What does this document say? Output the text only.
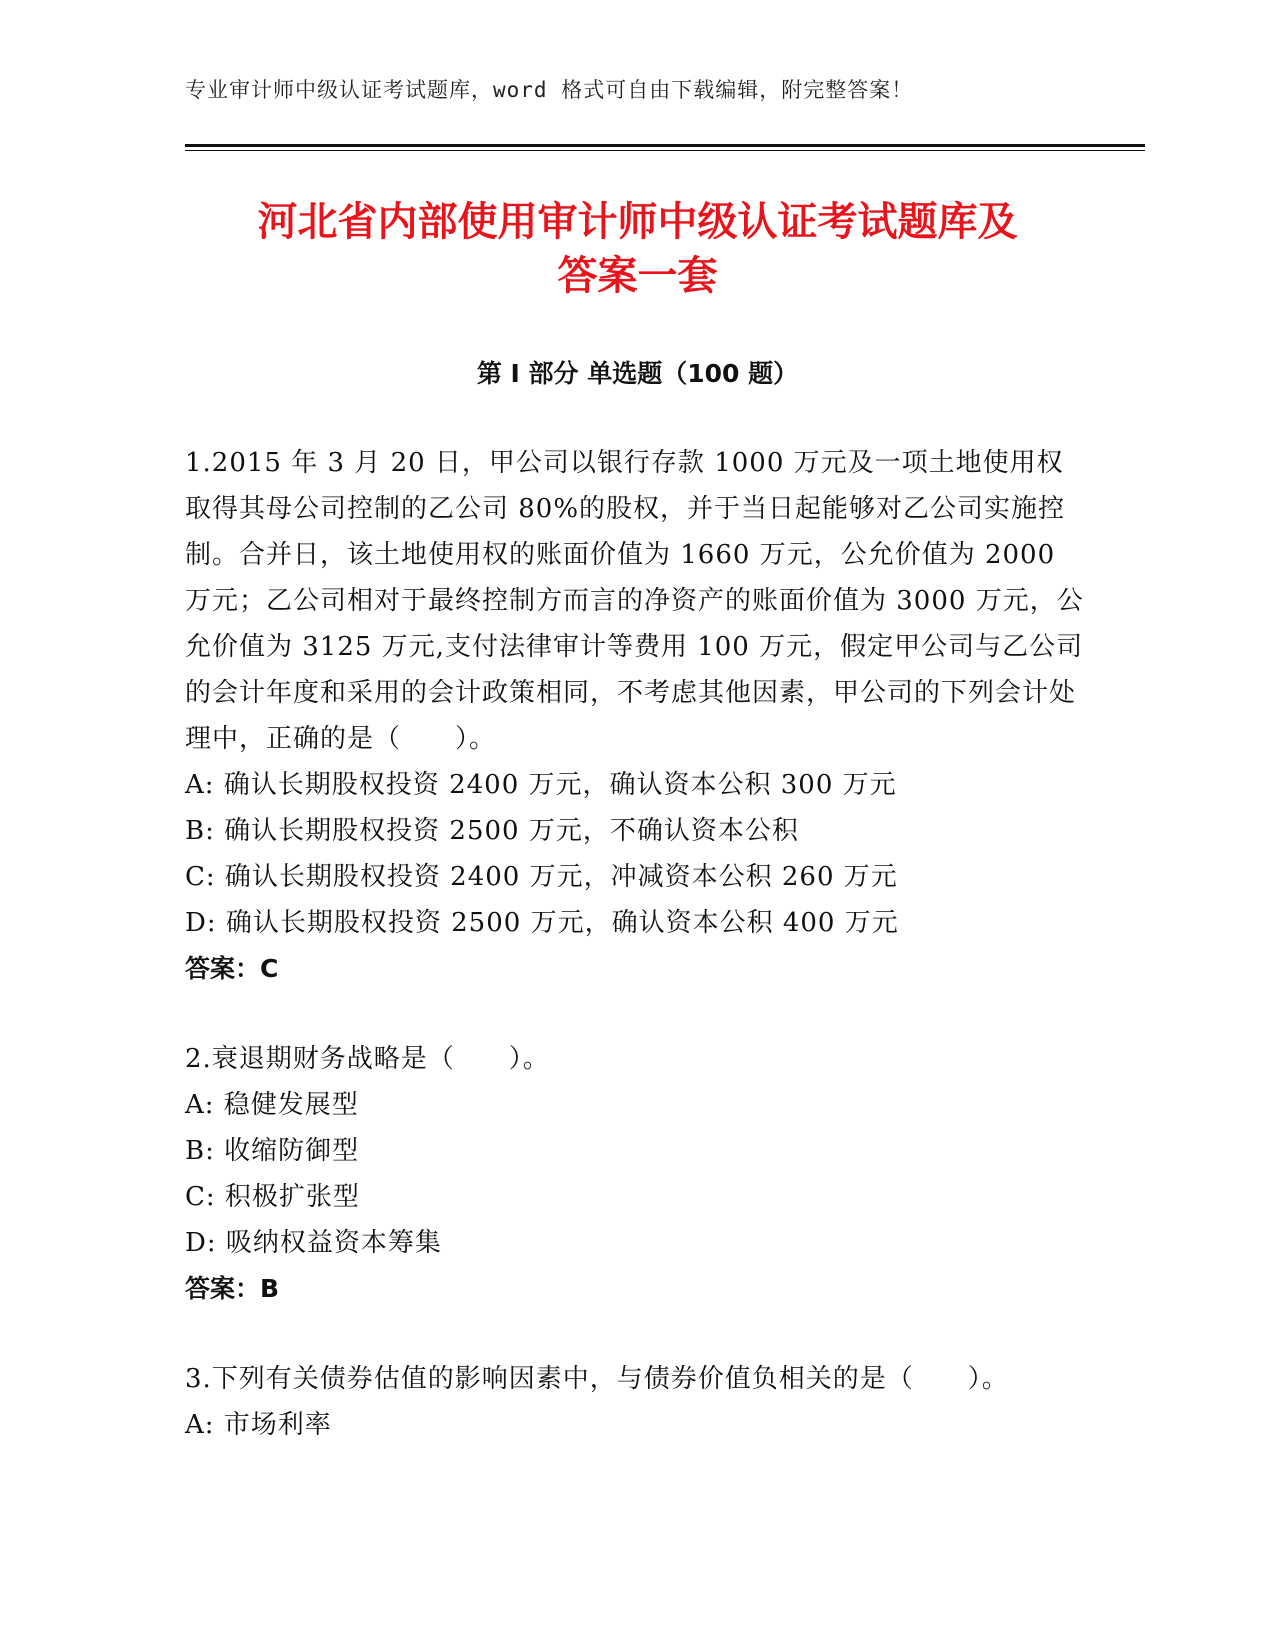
专业审计师中级认证考试题库，word 格式可自由下载编辑，附完整答案！
河北省内部使用审计师中级认证考试题库及
答案一套
第 I 部分 单选题（100 题）

1.2015 年 3 月 20 日，甲公司以银行存款 1000 万元及一项土地使用权取得其母公司控制的乙公司 80%的股权，并于当日起能够对乙公司实施控制。合并日，该土地使用权的账面价值为 1660 万元，公允价值为 2000 万元；乙公司相对于最终控制方而言的净资产的账面价值为 3000 万元，公允价值为 3125 万元,支付法律审计等费用 100 万元，假定甲公司与乙公司的会计年度和采用的会计政策相同，不考虑其他因素，甲公司的下列会计处理中，正确的是（　　）。

A: 确认长期股权投资 2400 万元，确认资本公积 300 万元
B: 确认长期股权投资 2500 万元，不确认资本公积
C: 确认长期股权投资 2400 万元，冲减资本公积 260 万元
D: 确认长期股权投资 2500 万元，确认资本公积 400 万元
答案：C

2.衰退期财务战略是（　　）。

A: 稳健发展型
B: 收缩防御型
C: 积极扩张型
D: 吸纳权益资本筹集
答案：B

3.下列有关债券估值的影响因素中，与债券价值负相关的是（　　）。

A: 市场利率
